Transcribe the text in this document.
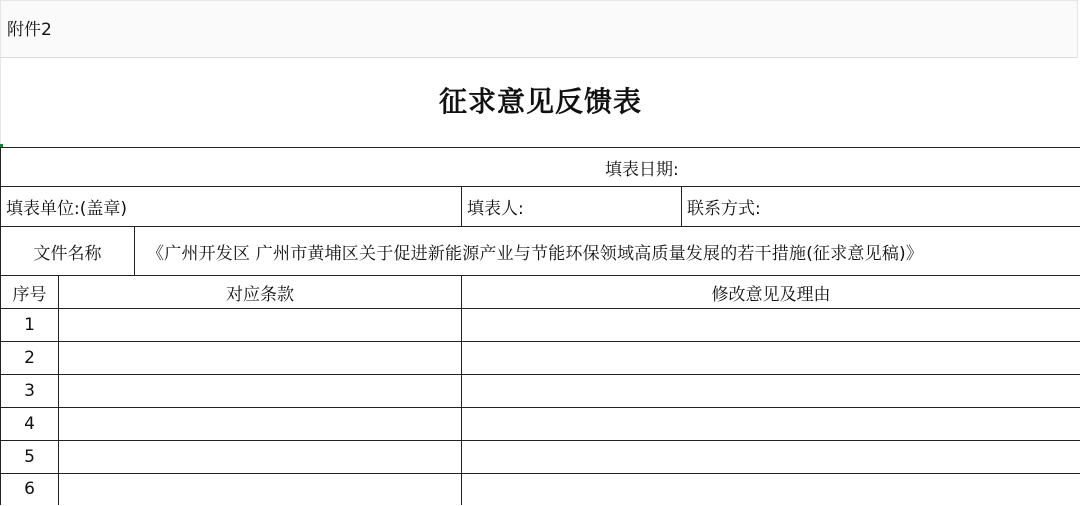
附件2
征求意见反馈表
填表日期:				
填表单位:(盖章)			填表人:	联系方式:
文件名称		《广州开发区 广州市黄埔区关于促进新能源产业与节能环保领域高质量发展的若干措施(征求意见稿)》		
序号	对应条款		修改意见及理由	
1				
2				
3				
4				
5				
6				
